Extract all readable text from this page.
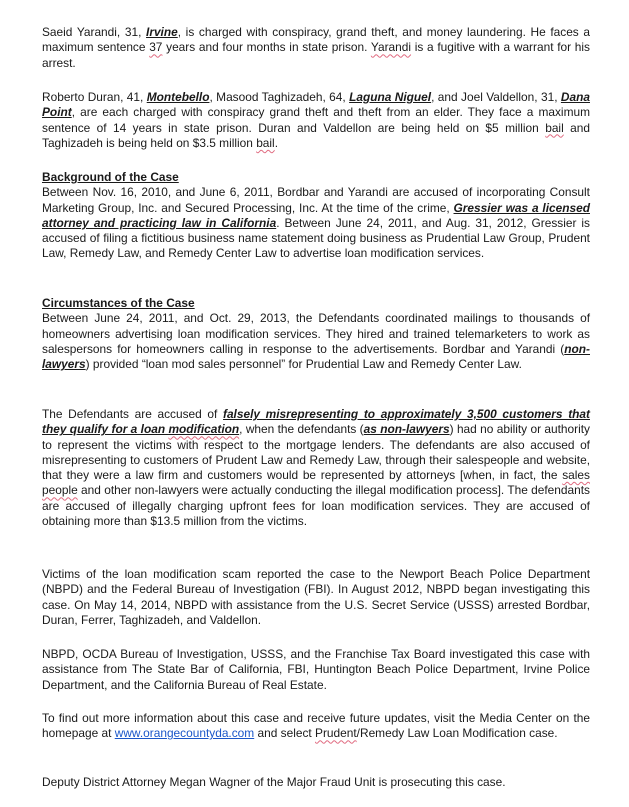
Saeid Yarandi, 31, Irvine, is charged with conspiracy, grand theft, and money laundering. He faces a maximum sentence 37 years and four months in state prison. Yarandi is a fugitive with a warrant for his arrest.

Roberto Duran, 41, Montebello, Masood Taghizadeh, 64, Laguna Niguel, and Joel Valdellon, 31, Dana Point, are each charged with conspiracy grand theft and theft from an elder. They face a maximum sentence of 14 years in state prison. Duran and Valdellon are being held on $5 million bail and Taghizadeh is being held on $3.5 million bail.

Background of the Case
Between Nov. 16, 2010, and June 6, 2011, Bordbar and Yarandi are accused of incorporating Consult Marketing Group, Inc. and Secured Processing, Inc. At the time of the crime, Gressier was a licensed attorney and practicing law in California. Between June 24, 2011, and Aug. 31, 2012, Gressier is accused of filing a fictitious business name statement doing business as Prudential Law Group, Prudent Law, Remedy Law, and Remedy Center Law to advertise loan modification services.

Circumstances of the Case
Between June 24, 2011, and Oct. 29, 2013, the Defendants coordinated mailings to thousands of homeowners advertising loan modification services. They hired and trained telemarketers to work as salespersons for homeowners calling in response to the advertisements. Bordbar and Yarandi (non-lawyers) provided “loan mod sales personnel” for Prudential Law and Remedy Center Law.

The Defendants are accused of falsely misrepresenting to approximately 3,500 customers that they qualify for a loan modification, when the defendants (as non-lawyers) had no ability or authority to represent the victims with respect to the mortgage lenders. The defendants are also accused of misrepresenting to customers of Prudent Law and Remedy Law, through their salespeople and website, that they were a law firm and customers would be represented by attorneys [when, in fact, the sales people and other non-lawyers were actually conducting the illegal modification process]. The defendants are accused of illegally charging upfront fees for loan modification services. They are accused of obtaining more than $13.5 million from the victims.

Victims of the loan modification scam reported the case to the Newport Beach Police Department (NBPD) and the Federal Bureau of Investigation (FBI). In August 2012, NBPD began investigating this case. On May 14, 2014, NBPD with assistance from the U.S. Secret Service (USSS) arrested Bordbar, Duran, Ferrer, Taghizadeh, and Valdellon.

NBPD, OCDA Bureau of Investigation, USSS, and the Franchise Tax Board investigated this case with assistance from The State Bar of California, FBI, Huntington Beach Police Department, Irvine Police Department, and the California Bureau of Real Estate.

To find out more information about this case and receive future updates, visit the Media Center on the homepage at www.orangecountyda.com and select Prudent/Remedy Law Loan Modification case.

Deputy District Attorney Megan Wagner of the Major Fraud Unit is prosecuting this case.
